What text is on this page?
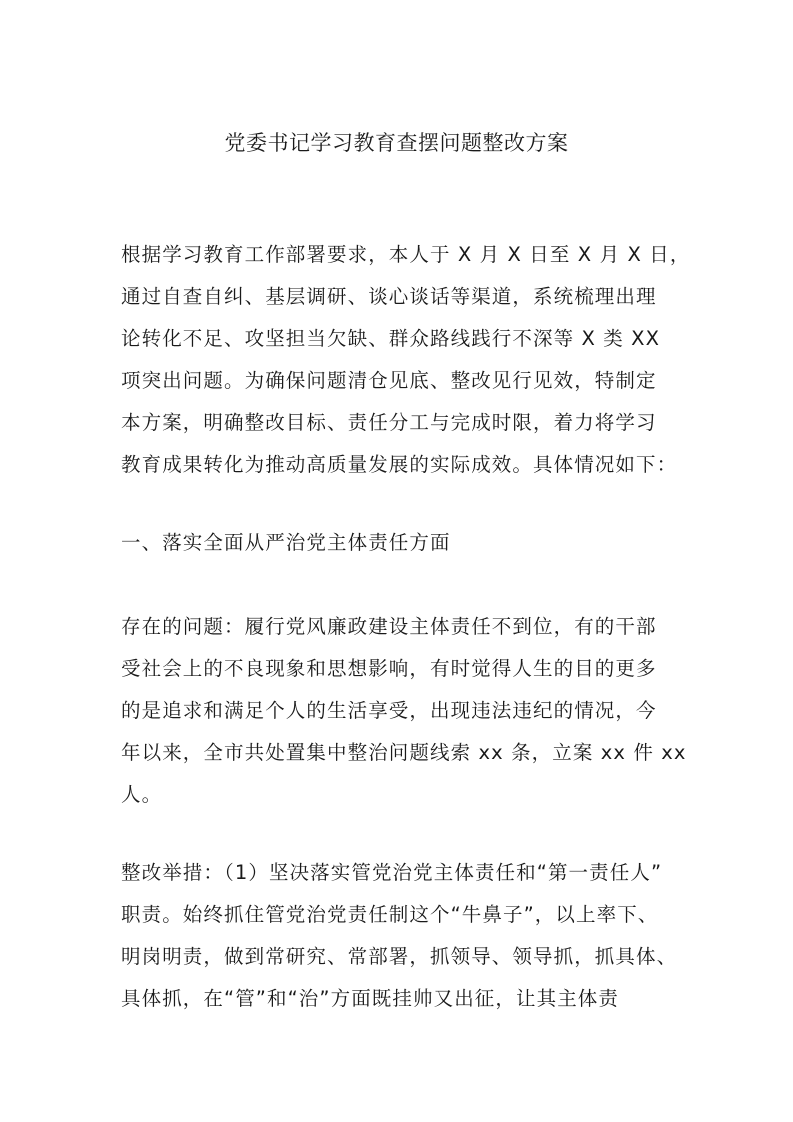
党委书记学习教育查摆问题整改方案
根据学习教育工作部署要求，本人于 X 月 X 日至 X 月 X 日，
通过自查自纠、基层调研、谈心谈话等渠道，系统梳理出理
论转化不足、攻坚担当欠缺、群众路线践行不深等 X 类 XX
项突出问题。为确保问题清仓见底、整改见行见效，特制定
本方案，明确整改目标、责任分工与完成时限，着力将学习
教育成果转化为推动高质量发展的实际成效。具体情况如下：
一、落实全面从严治党主体责任方面
存在的问题：履行党风廉政建设主体责任不到位，有的干部
受社会上的不良现象和思想影响，有时觉得人生的目的更多
的是追求和满足个人的生活享受，出现违法违纪的情况，今
年以来，全市共处置集中整治问题线索 xx 条，立案 xx 件 xx
人。
整改举措：（1）坚决落实管党治党主体责任和“第一责任人”
职责。始终抓住管党治党责任制这个“牛鼻子”，以上率下、
明岗明责，做到常研究、常部署，抓领导、领导抓，抓具体、
具体抓，在“管”和“治”方面既挂帅又出征，让其主体责
